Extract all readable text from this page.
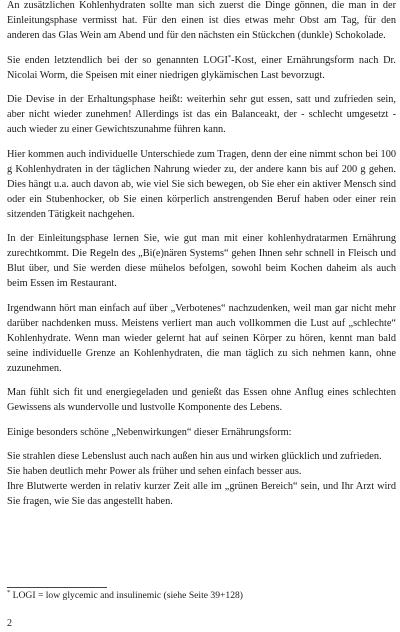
An zusätzlichen Kohlenhydraten sollte man sich zuerst die Dinge gönnen, die man in der Einleitungsphase vermisst hat. Für den einen ist dies etwas mehr Obst am Tag, für den anderen das Glas Wein am Abend und für den nächsten ein Stückchen (dunkle) Schokolade.

Sie enden letztendlich bei der so genannten LOGI*-Kost, einer Ernährungsform nach Dr. Nicolai Worm, die Speisen mit einer niedrigen glykämischen Last bevorzugt.

Die Devise in der Erhaltungsphase heißt: weiterhin sehr gut essen, satt und zufrieden sein, aber nicht wieder zunehmen! Allerdings ist das ein Balanceakt, der - schlecht umgesetzt - auch wieder zu einer Gewichtszunahme führen kann.

Hier kommen auch individuelle Unterschiede zum Tragen, denn der eine nimmt schon bei 100 g Kohlenhydraten in der täglichen Nahrung wieder zu, der andere kann bis auf 200 g gehen. Dies hängt u.a. auch davon ab, wie viel Sie sich bewegen, ob Sie eher ein aktiver Mensch sind oder ein Stubenhocker, ob Sie einen körperlich anstrengenden Beruf haben oder einer rein sitzenden Tätigkeit nachgehen.

In der Einleitungsphase lernen Sie, wie gut man mit einer kohlenhydratarmen Ernährung zurechtkommt. Die Regeln des „Bi(e)nären Systems“ gehen Ihnen sehr schnell in Fleisch und Blut über, und Sie werden diese mühelos befolgen, sowohl beim Kochen daheim als auch beim Essen im Restaurant.

Irgendwann hört man einfach auf über „Verbotenes“ nachzudenken, weil man gar nicht mehr darüber nachdenken muss. Meistens verliert man auch vollkommen die Lust auf „schlechte“ Kohlenhydrate. Wenn man wieder gelernt hat auf seinen Körper zu hören, kennt man bald seine individuelle Grenze an Kohlenhydraten, die man täglich zu sich nehmen kann, ohne zuzunehmen.

Man fühlt sich fit und energiegeladen und genießt das Essen ohne Anflug eines schlechten Gewissens als wundervolle und lustvolle Komponente des Lebens.

Einige besonders schöne „Nebenwirkungen“ dieser Ernährungsform:

Sie strahlen diese Lebenslust auch nach außen hin aus und wirken glücklich und zufrieden.

Sie haben deutlich mehr Power als früher und sehen einfach besser aus.

Ihre Blutwerte werden in relativ kurzer Zeit alle im „grünen Bereich“ sein, und Ihr Arzt wird Sie fragen, wie Sie das angestellt haben.

* LOGI = low glycemic and insulinemic (siehe Seite 39+128)
2
